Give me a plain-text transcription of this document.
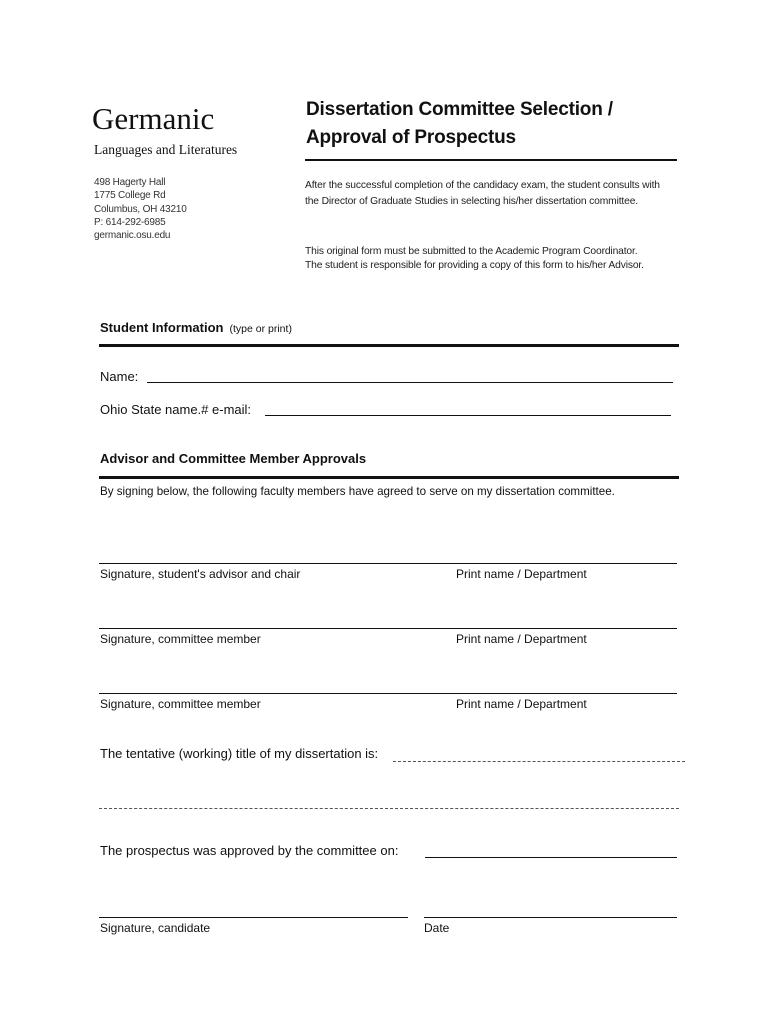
Germanic
Languages and Literatures
498 Hagerty Hall
1775 College Rd
Columbus, OH 43210
P: 614-292-6985
germanic.osu.edu
Dissertation Committee Selection /
Approval of Prospectus

After the successful completion of the candidacy exam, the student consults with the Director of Graduate Studies in selecting his/her dissertation committee.

This original form must be submitted to the Academic Program Coordinator.
The student is responsible for providing a copy of this form to his/her Advisor.
Student Information (type or print)
Name:
Ohio State name.# e-mail:
Advisor and Committee Member Approvals
By signing below, the following faculty members have agreed to serve on my dissertation committee.
Signature, student's advisor and chair	Print name / Department
Signature, committee member	Print name / Department
Signature, committee member	Print name / Department
The tentative (working) title of my dissertation is:
The prospectus was approved by the committee on:
Signature, candidate	Date
